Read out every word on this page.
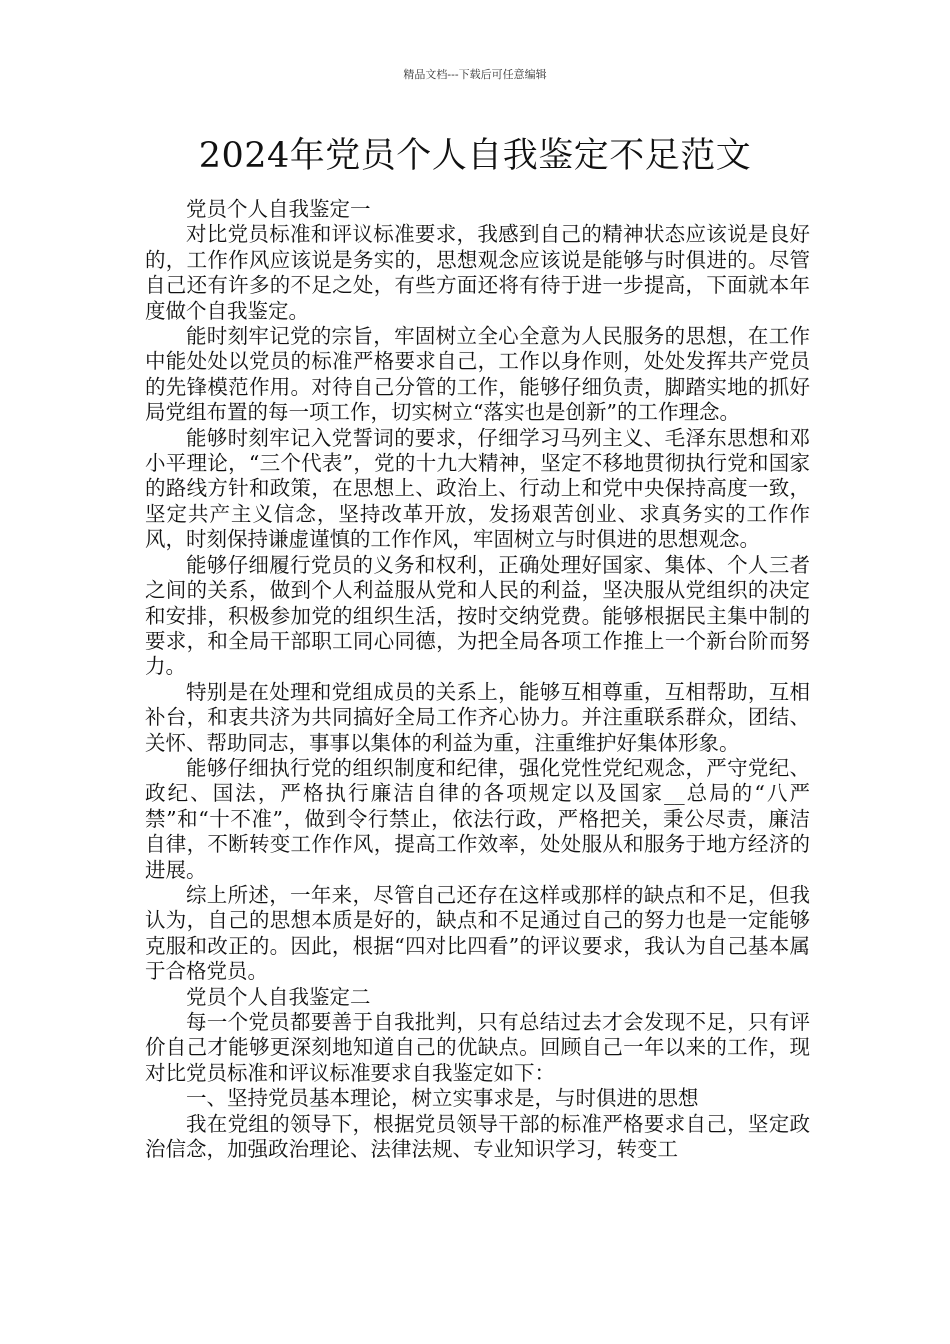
精品文档---下载后可任意编辑
2024年党员个人自我鉴定不足范文

党员个人自我鉴定一

对比党员标准和评议标准要求，我感到自己的精神状态应该说是良好的，工作作风应该说是务实的，思想观念应该说是能够与时俱进的。尽管自己还有许多的不足之处，有些方面还将有待于进一步提高，下面就本年度做个自我鉴定。

能时刻牢记党的宗旨，牢固树立全心全意为人民服务的思想，在工作中能处处以党员的标准严格要求自己，工作以身作则，处处发挥共产党员的先锋模范作用。对待自己分管的工作，能够仔细负责，脚踏实地的抓好局党组布置的每一项工作，切实树立“落实也是创新”的工作理念。

能够时刻牢记入党誓词的要求，仔细学习马列主义、毛泽东思想和邓小平理论，“三个代表”，党的十九大精神，坚定不移地贯彻执行党和国家的路线方针和政策，在思想上、政治上、行动上和党中央保持高度一致，坚定共产主义信念，坚持改革开放，发扬艰苦创业、求真务实的工作作风，时刻保持谦虚谨慎的工作作风，牢固树立与时俱进的思想观念。

能够仔细履行党员的义务和权利，正确处理好国家、集体、个人三者之间的关系，做到个人利益服从党和人民的利益，坚决服从党组织的决定和安排，积极参加党的组织生活，按时交纳党费。能够根据民主集中制的要求，和全局干部职工同心同德，为把全局各项工作推上一个新台阶而努力。

特别是在处理和党组成员的关系上，能够互相尊重，互相帮助，互相补台，和衷共济为共同搞好全局工作齐心协力。并注重联系群众，团结、关怀、帮助同志，事事以集体的利益为重，注重维护好集体形象。

能够仔细执行党的组织制度和纪律，强化党性党纪观念，严守党纪、政纪、国法，严格执行廉洁自律的各项规定以及国家__总局的“八严禁”和“十不准”，做到令行禁止，依法行政，严格把关，秉公尽责，廉洁自律，不断转变工作作风，提高工作效率，处处服从和服务于地方经济的进展。

综上所述，一年来，尽管自己还存在这样或那样的缺点和不足，但我认为，自己的思想本质是好的，缺点和不足通过自己的努力也是一定能够克服和改正的。因此，根据“四对比四看”的评议要求，我认为自己基本属于合格党员。

党员个人自我鉴定二

每一个党员都要善于自我批判，只有总结过去才会发现不足，只有评价自己才能够更深刻地知道自己的优缺点。回顾自己一年以来的工作，现对比党员标准和评议标准要求自我鉴定如下：

一、坚持党员基本理论，树立实事求是，与时俱进的思想

我在党组的领导下，根据党员领导干部的标准严格要求自己，坚定政治信念，加强政治理论、法律法规、专业知识学习，转变工
